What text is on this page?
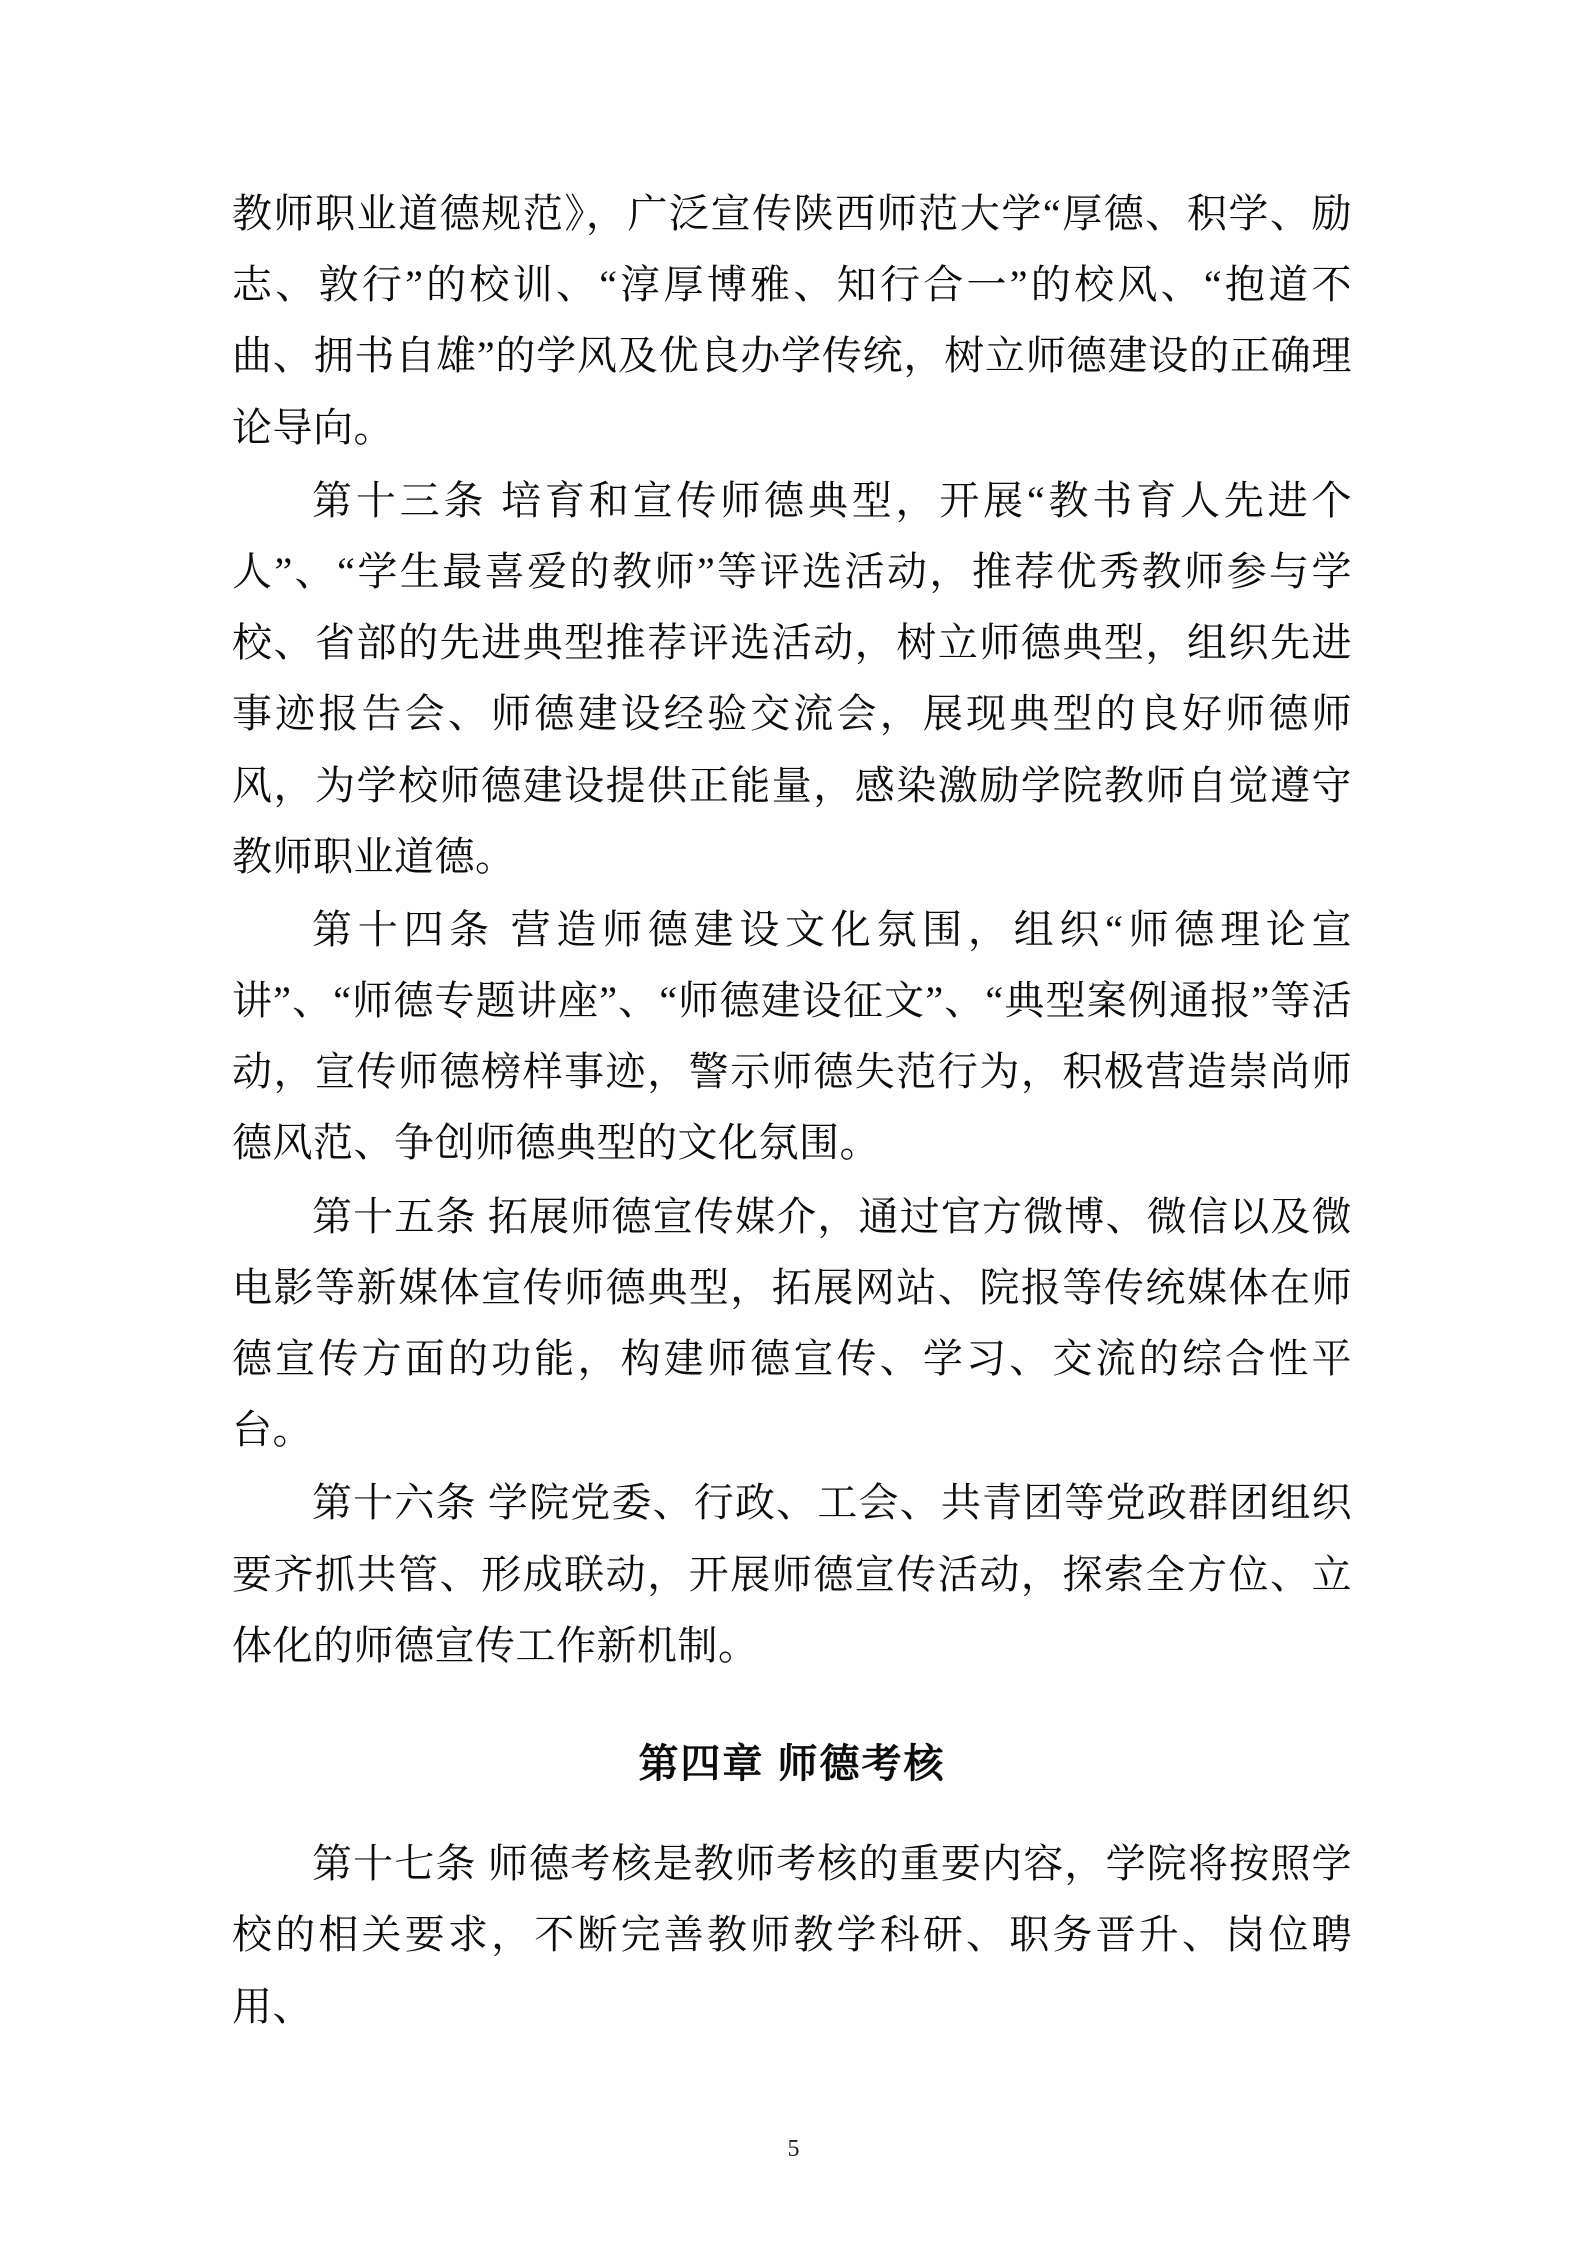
教师职业道德规范》，广泛宣传陕西师范大学“厚德、积学、励志、敦行”的校训、“淳厚博雅、知行合一”的校风、“抱道不曲、拥书自雄”的学风及优良办学传统，树立师德建设的正确理论导向。

第十三条 培育和宣传师德典型，开展“教书育人先进个人”、“学生最喜爱的教师”等评选活动，推荐优秀教师参与学校、省部的先进典型推荐评选活动，树立师德典型，组织先进事迹报告会、师德建设经验交流会，展现典型的良好师德师风，为学校师德建设提供正能量，感染激励学院教师自觉遵守教师职业道德。

第十四条 营造师德建设文化氛围，组织“师德理论宣讲”、“师德专题讲座”、“师德建设征文”、“典型案例通报”等活动，宣传师德榜样事迹，警示师德失范行为，积极营造崇尚师德风范、争创师德典型的文化氛围。

第十五条 拓展师德宣传媒介，通过官方微博、微信以及微电影等新媒体宣传师德典型，拓展网站、院报等传统媒体在师德宣传方面的功能，构建师德宣传、学习、交流的综合性平台。

第十六条 学院党委、行政、工会、共青团等党政群团组织要齐抓共管、形成联动，开展师德宣传活动，探索全方位、立体化的师德宣传工作新机制。

第四章 师德考核

第十七条 师德考核是教师考核的重要内容，学院将按照学校的相关要求，不断完善教师教学科研、职务晋升、岗位聘用、

5
